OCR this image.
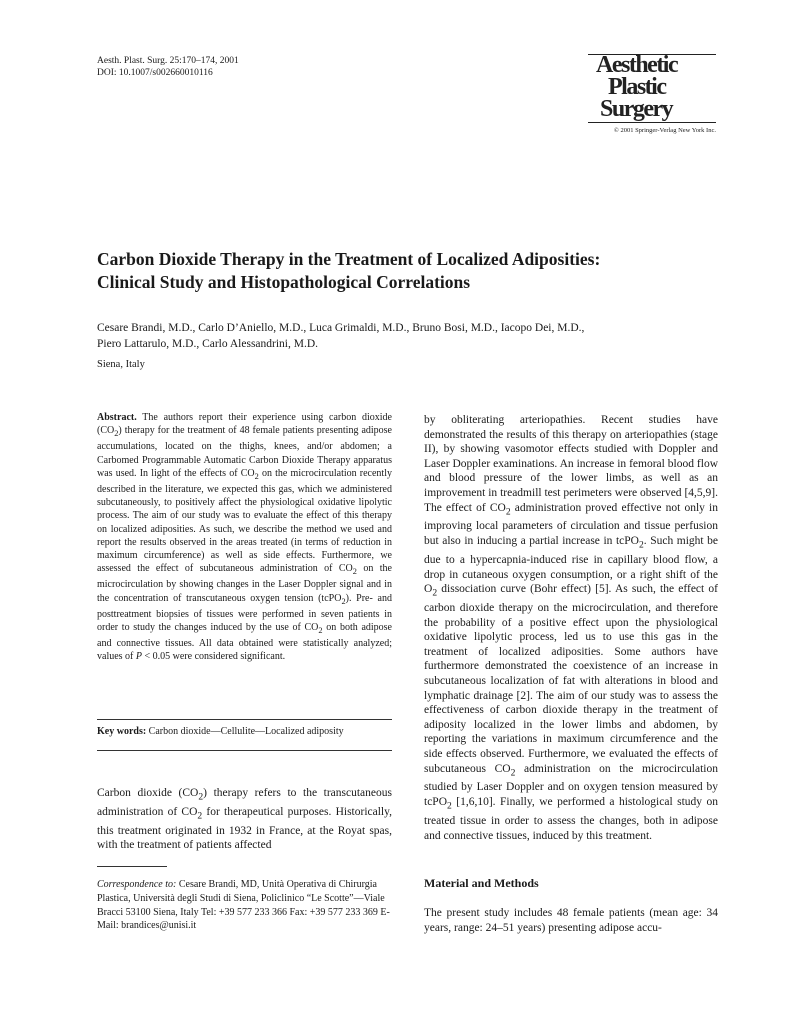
Aesth. Plast. Surg. 25:170–174, 2001
DOI: 10.1007/s002660010116	Aesthetic
Plastic
Surgery
© 2001 Springer-Verlag New York Inc.
Carbon Dioxide Therapy in the Treatment of Localized Adiposities:
Clinical Study and Histopathological Correlations
Cesare Brandi, M.D., Carlo D’Aniello, M.D., Luca Grimaldi, M.D., Bruno Bosi, M.D., Iacopo Dei, M.D.,
Piero Lattarulo, M.D., Carlo Alessandrini, M.D.
Siena, Italy
Abstract. The authors report their experience using carbon dioxide $(CO_2)$ therapy for the treatment of 48 female patients presenting adipose accumulations, located on the thighs, knees, and/or abdomen; a Carbomed Programmable Automatic Carbon Dioxide Therapy apparatus was used. In light of the effects of $CO_2$ on the microcirculation recently described in the literature, we expected this gas, which we administered subcutaneously, to positively affect the physiological oxidative lipolytic process. The aim of our study was to evaluate the effect of this therapy on localized adiposities. As such, we describe the method we used and report the results observed in the areas treated (in terms of reduction in maximum circumference) as well as side effects. Furthermore, we assessed the effect of subcutaneous administration of $CO_2$ on the microcirculation by showing changes in the Laser Doppler signal and in the concentration of transcutaneous oxygen tension (tcPO$_2$). Pre- and posttreatment biopsies of tissues were performed in seven patients in order to study the changes induced by the use of $CO_2$ on both adipose and connective tissues. All data obtained were statistically analyzed; values of P < 0.05 were considered significant.
Key words: Carbon dioxide—Cellulite—Localized adiposity

Carbon dioxide $(CO_2)$ therapy refers to the transcutaneous administration of $CO_2$ for therapeutical purposes. Historically, this treatment originated in 1932 in France, at the Royat spas, with the treatment of patients affected

Correspondence to: Cesare Brandi, MD, Unità Operativa di Chirurgia Plastica, Università degli Studi di Siena, Policlinico “Le Scotte”—Viale Bracci 53100 Siena, Italy Tel: +39 577 233 366 Fax: +39 577 233 369 E-Mail: brandices@unisi.it

by obliterating arteriopathies. Recent studies have demonstrated the results of this therapy on arteriopathies (stage II), by showing vasomotor effects studied with Doppler and Laser Doppler examinations. An increase in femoral blood flow and blood pressure of the lower limbs, as well as an improvement in treadmill test perimeters were observed [4,5,9]. The effect of $CO_2$ administration proved effective not only in improving local parameters of circulation and tissue perfusion but also in inducing a partial increase in tcPO$_2$. Such might be due to a hypercapnia-induced rise in capillary blood flow, a drop in cutaneous oxygen consumption, or a right shift of the $O_2$ dissociation curve (Bohr effect) [5]. As such, the effect of carbon dioxide therapy on the microcirculation, and therefore the probability of a positive effect upon the physiological oxidative lipolytic process, led us to use this gas in the treatment of localized adiposities. Some authors have furthermore demonstrated the coexistence of an increase in subcutaneous localization of fat with alterations in blood and lymphatic drainage [2]. The aim of our study was to assess the effectiveness of carbon dioxide therapy in the treatment of adiposity localized in the lower limbs and abdomen, by reporting the variations in maximum circumference and the side effects observed. Furthermore, we evaluated the effects of subcutaneous $CO_2$ administration on the microcirculation studied by Laser Doppler and on oxygen tension measured by tcPO$_2$ [1,6,10]. Finally, we performed a histological study on treated tissue in order to assess the changes, both in adipose and connective tissues, induced by this treatment.

Material and Methods

The present study includes 48 female patients (mean age: 34 years, range: 24–51 years) presenting adipose accu-
